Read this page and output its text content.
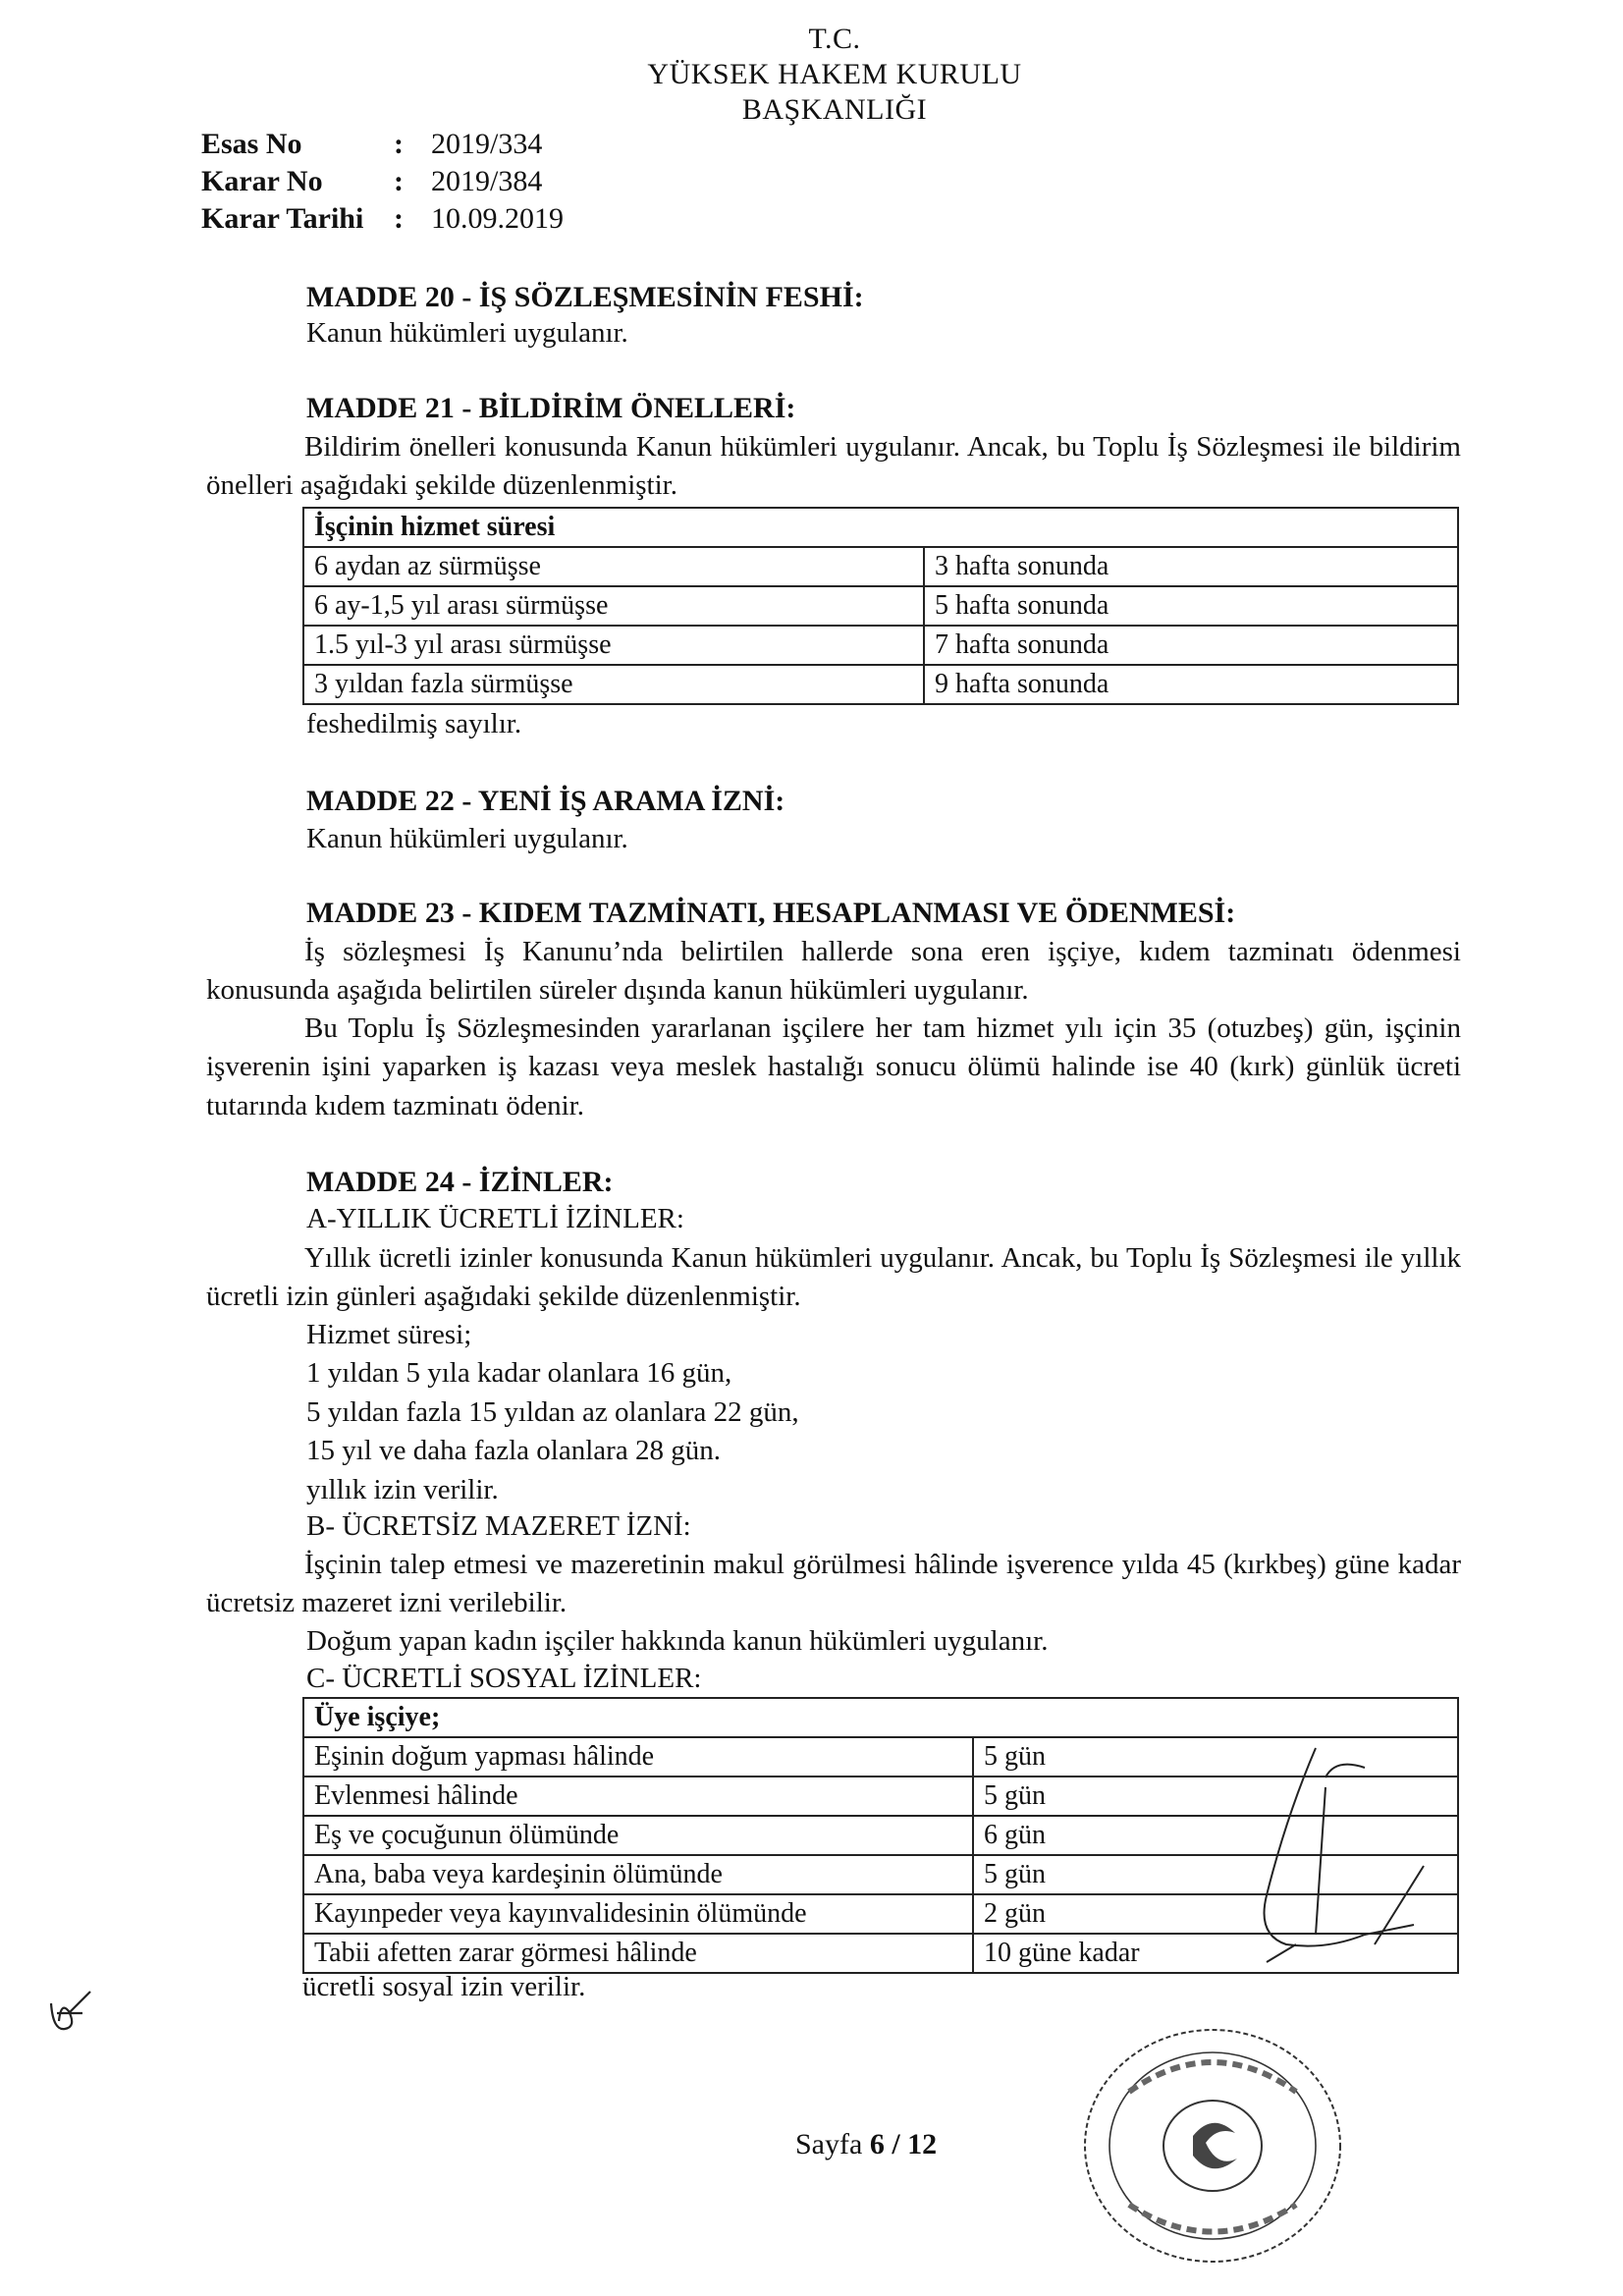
T.C.
YÜKSEK HAKEM KURULU
BAŞKANLIĞI
Esas No	: 2019/334
Karar No	: 2019/384
Karar Tarihi	: 10.09.2019
MADDE 20 - İŞ SÖZLEŞMESİNİN FESHİ:
Kanun hükümleri uygulanır.
MADDE 21 - BİLDİRİM ÖNELLERİ:
Bildirim önelleri konusunda Kanun hükümleri uygulanır. Ancak, bu Toplu İş Sözleşmesi ile bildirim önelleri aşağıdaki şekilde düzenlenmiştir.
İşçinin hizmet süresi	
6 aydan az sürmüşse	3 hafta sonunda
6 ay-1,5 yıl arası sürmüşse	5 hafta sonunda
1.5 yıl-3 yıl arası sürmüşse	7 hafta sonunda
3 yıldan fazla sürmüşse	9 hafta sonunda
feshedilmiş sayılır.
MADDE 22 - YENİ İŞ ARAMA İZNİ:
Kanun hükümleri uygulanır.
MADDE 23 - KIDEM TAZMİNATI, HESAPLANMASI VE ÖDENMESİ:
İş sözleşmesi İş Kanunu’nda belirtilen hallerde sona eren işçiye, kıdem tazminatı ödenmesi konusunda aşağıda belirtilen süreler dışında kanun hükümleri uygulanır.
Bu Toplu İş Sözleşmesinden yararlanan işçilere her tam hizmet yılı için 35 (otuzbeş) gün, işçinin işverenin işini yaparken iş kazası veya meslek hastalığı sonucu ölümü halinde ise 40 (kırk) günlük ücreti tutarında kıdem tazminatı ödenir.
MADDE 24 - İZİNLER:
A-YILLIK ÜCRETLİ İZİNLER:
Yıllık ücretli izinler konusunda Kanun hükümleri uygulanır. Ancak, bu Toplu İş Sözleşmesi ile yıllık ücretli izin günleri aşağıdaki şekilde düzenlenmiştir.
Hizmet süresi;
1 yıldan 5 yıla kadar olanlara 16 gün,
5 yıldan fazla 15 yıldan az olanlara 22 gün,
15 yıl ve daha fazla olanlara 28 gün.
yıllık izin verilir.
B- ÜCRETSİZ MAZERET İZNİ:
İşçinin talep etmesi ve mazeretinin makul görülmesi hâlinde işverence yılda 45 (kırkbeş) güne kadar ücretsiz mazeret izni verilebilir.
Doğum yapan kadın işçiler hakkında kanun hükümleri uygulanır.
C- ÜCRETLİ SOSYAL İZİNLER:
Üye işçiye;	
Eşinin doğum yapması hâlinde	5 gün
Evlenmesi hâlinde	5 gün
Eş ve çocuğunun ölümünde	6 gün
Ana, baba veya kardeşinin ölümünde	5 gün
Kayınpeder veya kayınvalidesinin ölümünde	2 gün
Tabii afetten zarar görmesi hâlinde	10 güne kadar
ücretli sosyal izin verilir.
Sayfa 6 / 12
